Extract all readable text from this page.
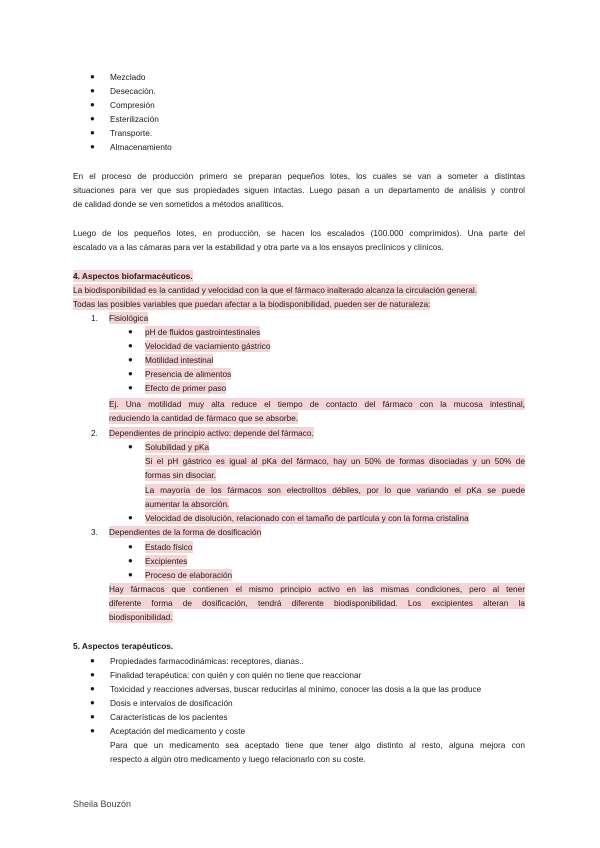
● Mezclado
● Desecación.
● Compresión
● Esterilización
● Transporte.
● Almacenamiento
En el proceso de producción primero se preparan pequeños lotes, los cuales se van a someter a distintas
situaciones para ver que sus propiedades siguen intactas. Luego pasan a un departamento de análisis y control
de calidad donde se ven sometidos a métodos analíticos.
Luego de los pequeños lotes, en producción, se hacen los escalados (100.000 comprimidos). Una parte del
escalado va a las cámaras para ver la estabilidad y otra parte va a los ensayos preclínicos y clínicos.
4. Aspectos biofarmacéuticos.
La biodisponibilidad es la cantidad y velocidad con la que el fármaco inalterado alcanza la circulación general.
Todas las posibles variables que puedan afectar a la biodisponibilidad, pueden ser de naturaleza:
1. Fisiológica
● pH de fluidos gastrointestinales
● Velocidad de vaciamiento gástrico
● Motilidad intestinal
● Presencia de alimentos
● Efecto de primer paso
Ej. Una motilidad muy alta reduce el tiempo de contacto del fármaco con la mucosa intestinal,
reduciendo la cantidad de fármaco que se absorbe.
2. Dependientes de principio activo: depende del fármaco.
● Solubilidad y pKa
Si el pH gástrico es igual al pKa del fármaco, hay un 50% de formas disociadas y un 50% de
formas sin disociar.
La mayoría de los fármacos son electrolitos débiles, por lo que variando el pKa se puede
aumentar la absorción.
● Velocidad de disolución, relacionado con el tamaño de partícula y con la forma cristalina
3. Dependientes de la forma de dosificación
● Estado físico
● Excipientes
● Proceso de elaboración
Hay fármacos que contienen el mismo principio activo en las mismas condiciones, pero al tener
diferente forma de dosificación, tendrá diferente biodisponibilidad. Los excipientes alteran la
biodisponibilidad.
5. Aspectos terapéuticos.
● Propiedades farmacodinámicas: receptores, dianas..
● Finalidad terapéutica: con quién y con quién no tiene que reaccionar
● Toxicidad y reacciones adversas, buscar reducirlas al mínimo, conocer las dosis a la que las produce
● Dosis e intervalos de dosificación
● Características de los pacientes
● Aceptación del medicamento y coste
Para que un medicamento sea aceptado tiene que tener algo distinto al resto, alguna mejora con
respecto a algún otro medicamento y luego relacionarlo con su coste.
Sheila Bouzón
